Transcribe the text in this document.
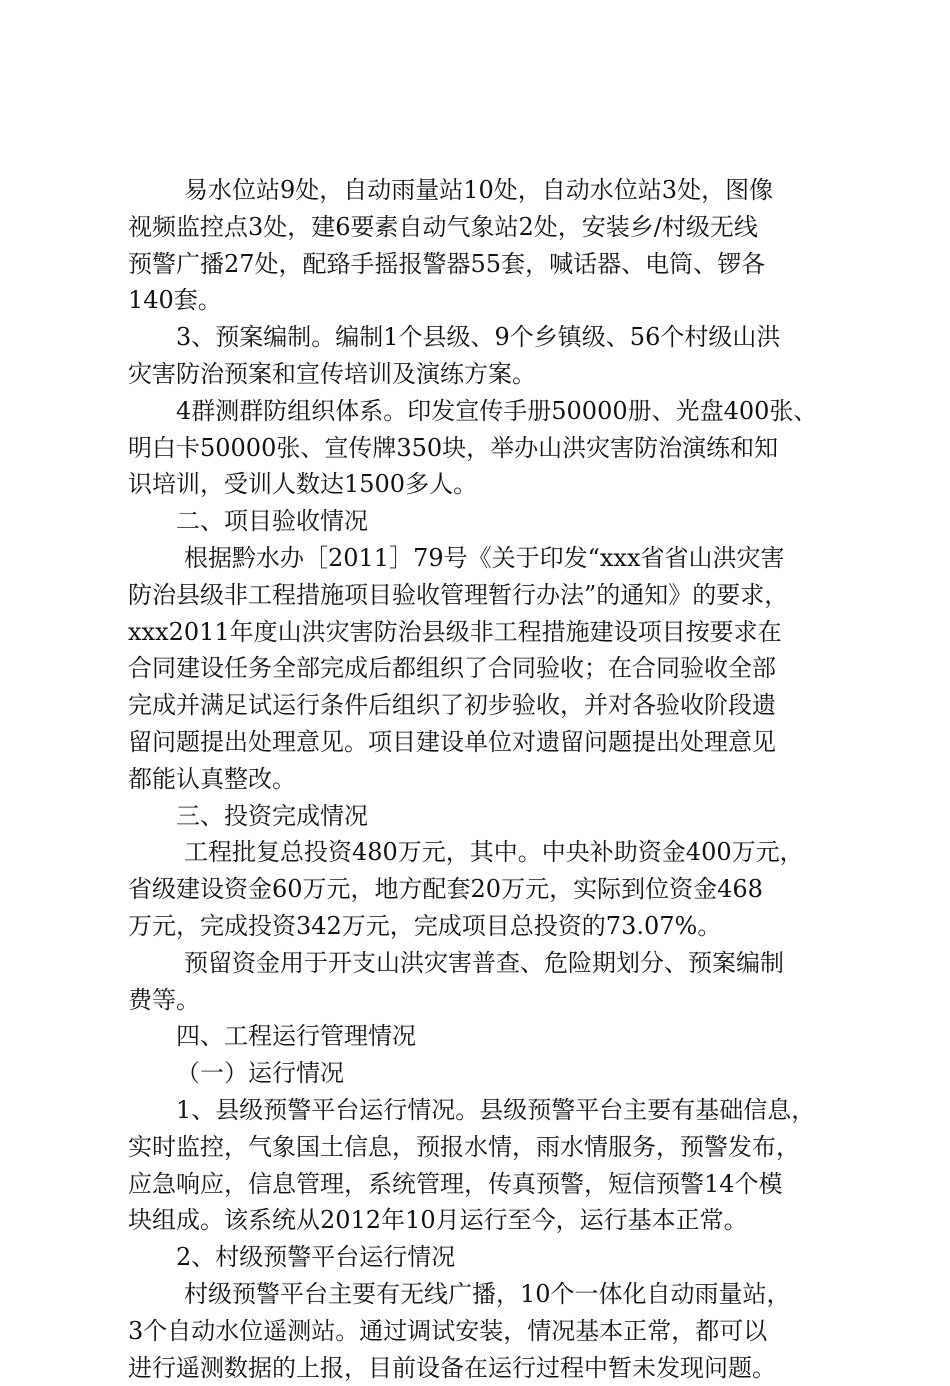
易水位站9处，自动雨量站10处，自动水位站3处，图像

视频监控点3处，建6要素自动气象站2处，安装乡/村级无线

预警广播27处，配臵手摇报警器55套，喊话器、电筒、锣各

140套。

3、预案编制。编制1个县级、9个乡镇级、56个村级山洪

灾害防治预案和宣传培训及演练方案。

4群测群防组织体系。印发宣传手册50000册、光盘400张、

明白卡50000张、宣传牌350块，举办山洪灾害防治演练和知

识培训，受训人数达1500多人。

二、项目验收情况

根据黔水办［2011］79号《关于印发“xxx省省山洪灾害

防治县级非工程措施项目验收管理暂行办法”的通知》的要求，

xxx2011年度山洪灾害防治县级非工程措施建设项目按要求在

合同建设任务全部完成后都组织了合同验收；在合同验收全部

完成并满足试运行条件后组织了初步验收，并对各验收阶段遗

留问题提出处理意见。项目建设单位对遗留问题提出处理意见

都能认真整改。

三、投资完成情况

工程批复总投资480万元，其中。中央补助资金400万元，

省级建设资金60万元，地方配套20万元，实际到位资金468

万元，完成投资342万元，完成项目总投资的73.07%。

预留资金用于开支山洪灾害普查、危险期划分、预案编制

费等。

四、工程运行管理情况

（一）运行情况

1、县级预警平台运行情况。县级预警平台主要有基础信息，

实时监控，气象国土信息，预报水情，雨水情服务，预警发布，

应急响应，信息管理，系统管理，传真预警，短信预警14个模

块组成。该系统从2012年10月运行至今，运行基本正常。

2、村级预警平台运行情况

村级预警平台主要有无线广播，10个一体化自动雨量站，

3个自动水位遥测站。通过调试安装，情况基本正常，都可以

进行遥测数据的上报，目前设备在运行过程中暂未发现问题。
